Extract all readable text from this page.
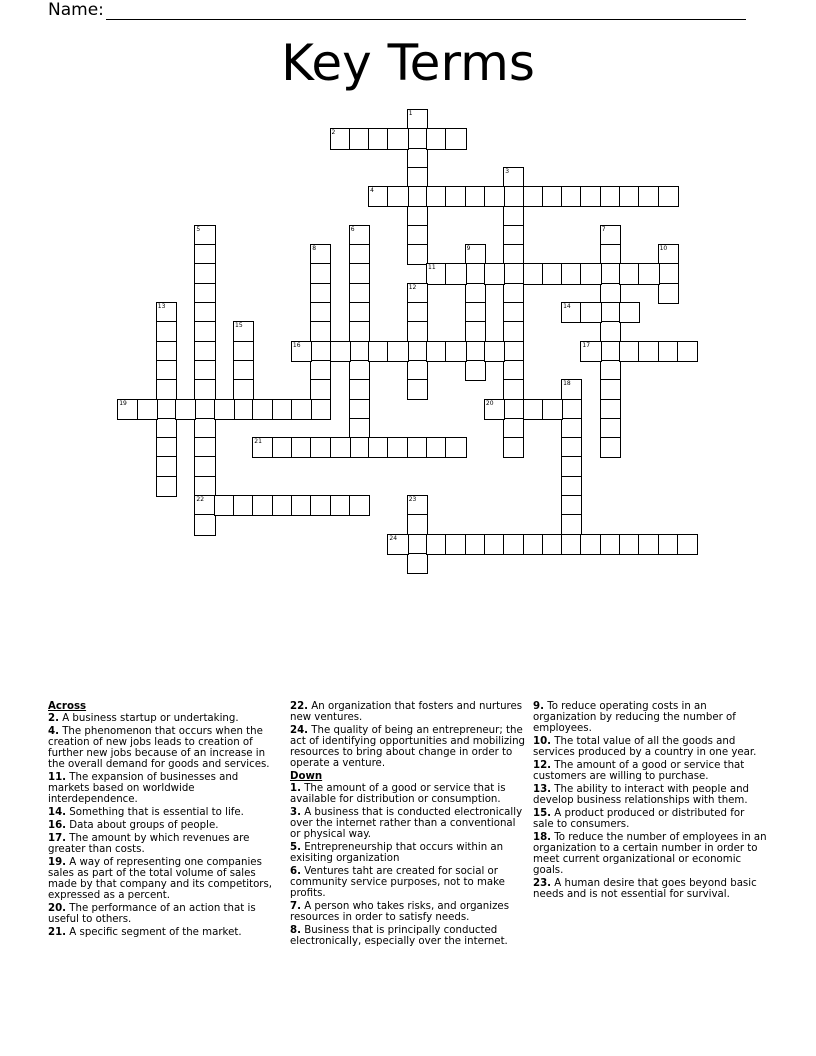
Name:
Key Terms
1
2
3
4
5
22
6	7
8	9	10
11
12
13	14
15
16	17
18
19	20
21
23
24
Across
2. A business startup or undertaking.
4. The phenomenon that occurs when the creation of new jobs leads to creation of further new jobs because of an increase in the overall demand for goods and services.
11. The expansion of businesses and markets based on worldwide interdependence.
14. Something that is essential to life.
16. Data about groups of people.
17. The amount by which revenues are greater than costs.
19. A way of representing one companies sales as part of the total volume of sales made by that company and its competitors, expressed as a percent.
20. The performance of an action that is useful to others.
21. A specific segment of the market.
22. An organization that fosters and nurtures new ventures.
24. The quality of being an entrepreneur; the act of identifying opportunities and mobilizing resources to bring about change in order to operate a venture.
Down
1. The amount of a good or service that is available for distribution or consumption.
3. A business that is conducted electronically over the internet rather than a conventional or physical way.
5. Entrepreneurship that occurs within an exisiting organization
6. Ventures taht are created for social or community service purposes, not to make profits.
7. A person who takes risks, and organizes resources in order to satisfy needs.
8. Business that is principally conducted electronically, especially over the internet.
9. To reduce operating costs in an organization by reducing the number of employees.
10. The total value of all the goods and services produced by a country in one year.
12. The amount of a good or service that customers are willing to purchase.
13. The ability to interact with people and develop business relationships with them.
15. A product produced or distributed for sale to consumers.
18. To reduce the number of employees in an organization to a certain number in order to meet current organizational or economic goals.
23. A human desire that goes beyond basic needs and is not essential for survival.
